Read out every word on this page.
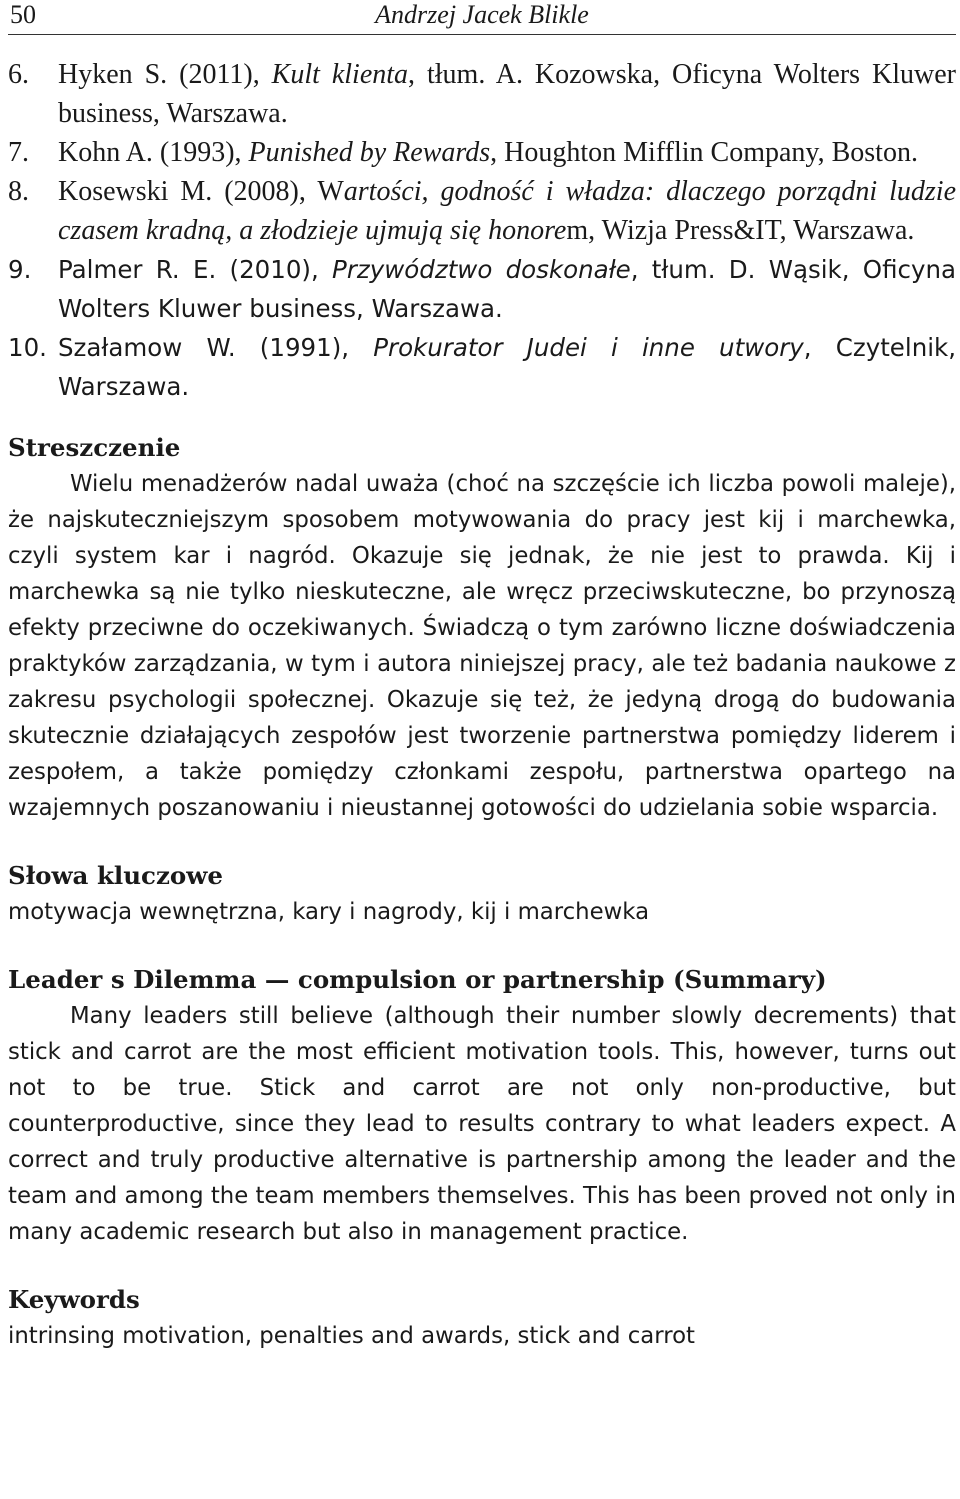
50	Andrzej Jacek Blikle
6.	Hyken S. (2011), Kult klienta, tłum. A. Kozowska, Oficyna Wolters Kluwer business, Warszawa.
7.	Kohn A. (1993), Punished by Rewards, Houghton Mifflin Company, Boston.
8.	Kosewski M. (2008), Wartości, godność i władza: dlaczego porządni ludzie czasem kradną, a złodzieje ujmują się honorem, Wizja Press&IT, Warszawa.
9.	Palmer R. E. (2010), Przywództwo doskonałe, tłum. D. Wąsik, Oficyna Wolters Kluwer business, Warszawa.
10. Szałamow W. (1991), Prokurator Judei i inne utwory, Czytelnik, Warszawa.
Streszczenie

Wielu menadżerów nadal uważa (choć na szczęście ich liczba powoli maleje), że najskuteczniejszym sposobem motywowania do pracy jest kij i marchewka, czyli system kar i nagród. Okazuje się jednak, że nie jest to prawda. Kij i marchewka są nie tylko nieskuteczne, ale wręcz przeciwskuteczne, bo przynoszą efekty przeciwne do oczekiwanych. Świadczą o tym zarówno liczne doświadczenia praktyków zarządzania, w tym i autora niniejszej pracy, ale też badania naukowe z zakresu psychologii społecznej. Okazuje się też, że jedyną drogą do budowania skutecznie działających zespołów jest tworzenie partnerstwa pomiędzy liderem i zespołem, a także pomiędzy członkami zespołu, partnerstwa opartego na wzajemnych poszanowaniu i nieustannej gotowości do udzielania sobie wsparcia.

Słowa kluczowe

motywacja wewnętrzna, kary i nagrody, kij i marchewka

Leader s Dilemma — compulsion or partnership (Summary)

Many leaders still believe (although their number slowly decrements) that stick and carrot are the most efficient motivation tools. This, however, turns out not to be true. Stick and carrot are not only non-productive, but counterproductive, since they lead to results contrary to what leaders expect. A correct and truly productive alternative is partnership among the leader and the team and among the team members themselves. This has been proved not only in many academic research but also in management practice.

Keywords

intrinsing motivation, penalties and awards, stick and carrot
